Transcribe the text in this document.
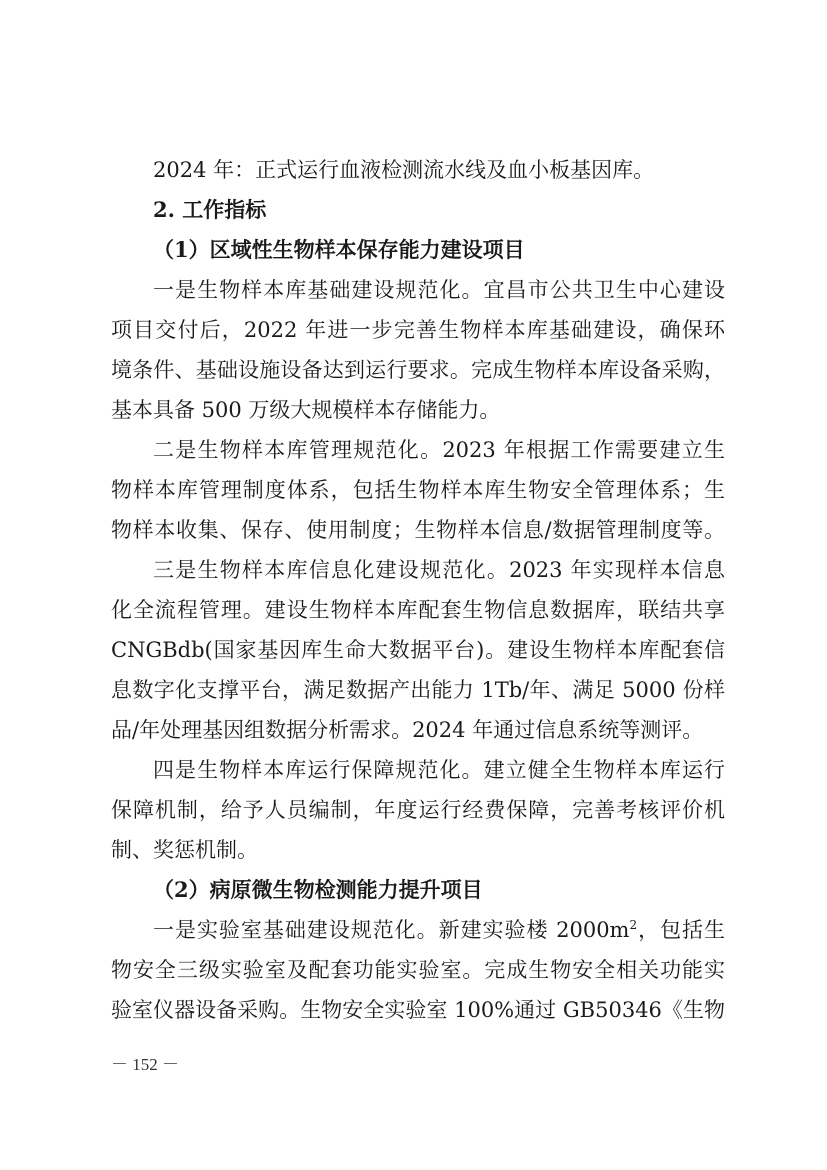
2024 年：正式运行血液检测流水线及血小板基因库。
2. 工作指标
（1）区域性生物样本保存能力建设项目
一是生物样本库基础建设规范化。宜昌市公共卫生中心建设
项目交付后，2022 年进一步完善生物样本库基础建设，确保环
境条件、基础设施设备达到运行要求。完成生物样本库设备采购，
基本具备 500 万级大规模样本存储能力。
二是生物样本库管理规范化。2023 年根据工作需要建立生
物样本库管理制度体系，包括生物样本库生物安全管理体系；生
物样本收集、保存、使用制度；生物样本信息/数据管理制度等。
三是生物样本库信息化建设规范化。2023 年实现样本信息
化全流程管理。建设生物样本库配套生物信息数据库，联结共享
CNGBdb(国家基因库生命大数据平台)。建设生物样本库配套信
息数字化支撑平台，满足数据产出能力 1Tb/年、满足 5000 份样
品/年处理基因组数据分析需求。2024 年通过信息系统等测评。
四是生物样本库运行保障规范化。建立健全生物样本库运行
保障机制，给予人员编制，年度运行经费保障，完善考核评价机
制、奖惩机制。
（2）病原微生物检测能力提升项目
一是实验室基础建设规范化。新建实验楼 $2000m^2$，包括生
物安全三级实验室及配套功能实验室。完成生物安全相关功能实
验室仪器设备采购。生物安全实验室 100%通过 GB50346《生物
－ 152 －
